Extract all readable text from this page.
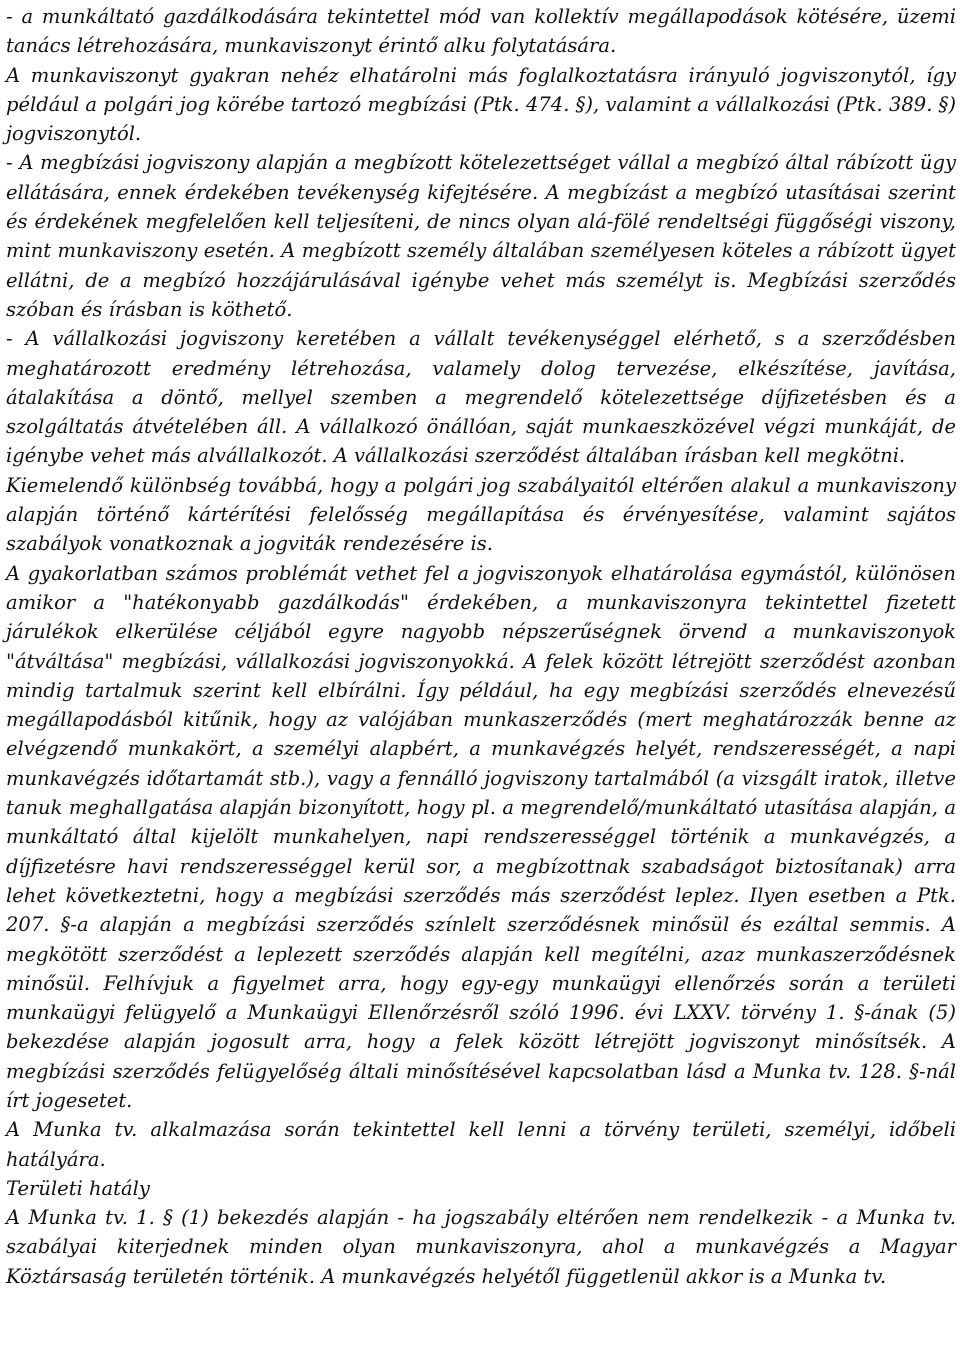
- a munkáltató gazdálkodására tekintettel mód van kollektív megállapodások kötésére, üzemi tanács létrehozására, munkaviszonyt érintő alku folytatására.

A munkaviszonyt gyakran nehéz elhatárolni más foglalkoztatásra irányuló jogviszonytól, így például a polgári jog körébe tartozó megbízási (Ptk. 474. §), valamint a vállalkozási (Ptk. 389. §) jogviszonytól.

- A megbízási jogviszony alapján a megbízott kötelezettséget vállal a megbízó által rábízott ügy ellátására, ennek érdekében tevékenység kifejtésére. A megbízást a megbízó utasításai szerint és érdekének megfelelően kell teljesíteni, de nincs olyan alá-fölé rendeltségi függőségi viszony, mint munkaviszony esetén. A megbízott személy általában személyesen köteles a rábízott ügyet ellátni, de a megbízó hozzájárulásával igénybe vehet más személyt is. Megbízási szerződés szóban és írásban is köthető.

- A vállalkozási jogviszony keretében a vállalt tevékenységgel elérhető, s a szerződésben meghatározott eredmény létrehozása, valamely dolog tervezése, elkészítése, javítása, átalakítása a döntő, mellyel szemben a megrendelő kötelezettsége díjfizetésben és a szolgáltatás átvételében áll. A vállalkozó önállóan, saját munkaeszközével végzi munkáját, de igénybe vehet más alvállalkozót. A vállalkozási szerződést általában írásban kell megkötni.

Kiemelendő különbség továbbá, hogy a polgári jog szabályaitól eltérően alakul a munkaviszony alapján történő kártérítési felelősség megállapítása és érvényesítése, valamint sajátos szabályok vonatkoznak a jogviták rendezésére is.

A gyakorlatban számos problémát vethet fel a jogviszonyok elhatárolása egymástól, különösen amikor a "hatékonyabb gazdálkodás" érdekében, a munkaviszonyra tekintettel fizetett járulékok elkerülése céljából egyre nagyobb népszerűségnek örvend a munkaviszonyok "átváltása" megbízási, vállalkozási jogviszonyokká. A felek között létrejött szerződést azonban mindig tartalmuk szerint kell elbírálni. Így például, ha egy megbízási szerződés elnevezésű megállapodásból kitűnik, hogy az valójában munkaszerződés (mert meghatározzák benne az elvégzendő munkakört, a személyi alapbért, a munkavégzés helyét, rendszerességét, a napi munkavégzés időtartamát stb.), vagy a fennálló jogviszony tartalmából (a vizsgált iratok, illetve tanuk meghallgatása alapján bizonyított, hogy pl. a megrendelő/munkáltató utasítása alapján, a munkáltató által kijelölt munkahelyen, napi rendszerességgel történik a munkavégzés, a díjfizetésre havi rendszerességgel kerül sor, a megbízottnak szabadságot biztosítanak) arra lehet következtetni, hogy a megbízási szerződés más szerződést leplez. Ilyen esetben a Ptk. 207. §-a alapján a megbízási szerződés színlelt szerződésnek minősül és ezáltal semmis. A megkötött szerződést a leplezett szerződés alapján kell megítélni, azaz munkaszerződésnek minősül. Felhívjuk a figyelmet arra, hogy egy-egy munkaügyi ellenőrzés során a területi munkaügyi felügyelő a Munkaügyi Ellenőrzésről szóló 1996. évi LXXV. törvény 1. §-ának (5) bekezdése alapján jogosult arra, hogy a felek között létrejött jogviszonyt minősítsék. A megbízási szerződés felügyelőség általi minősítésével kapcsolatban lásd a Munka tv. 128. §-nál írt jogesetet.

A Munka tv. alkalmazása során tekintettel kell lenni a törvény területi, személyi, időbeli hatályára.

Területi hatály

A Munka tv. 1. § (1) bekezdés alapján - ha jogszabály eltérően nem rendelkezik - a Munka tv. szabályai kiterjednek minden olyan munkaviszonyra, ahol a munkavégzés a Magyar Köztársaság területén történik. A munkavégzés helyétől függetlenül akkor is a Munka tv.
